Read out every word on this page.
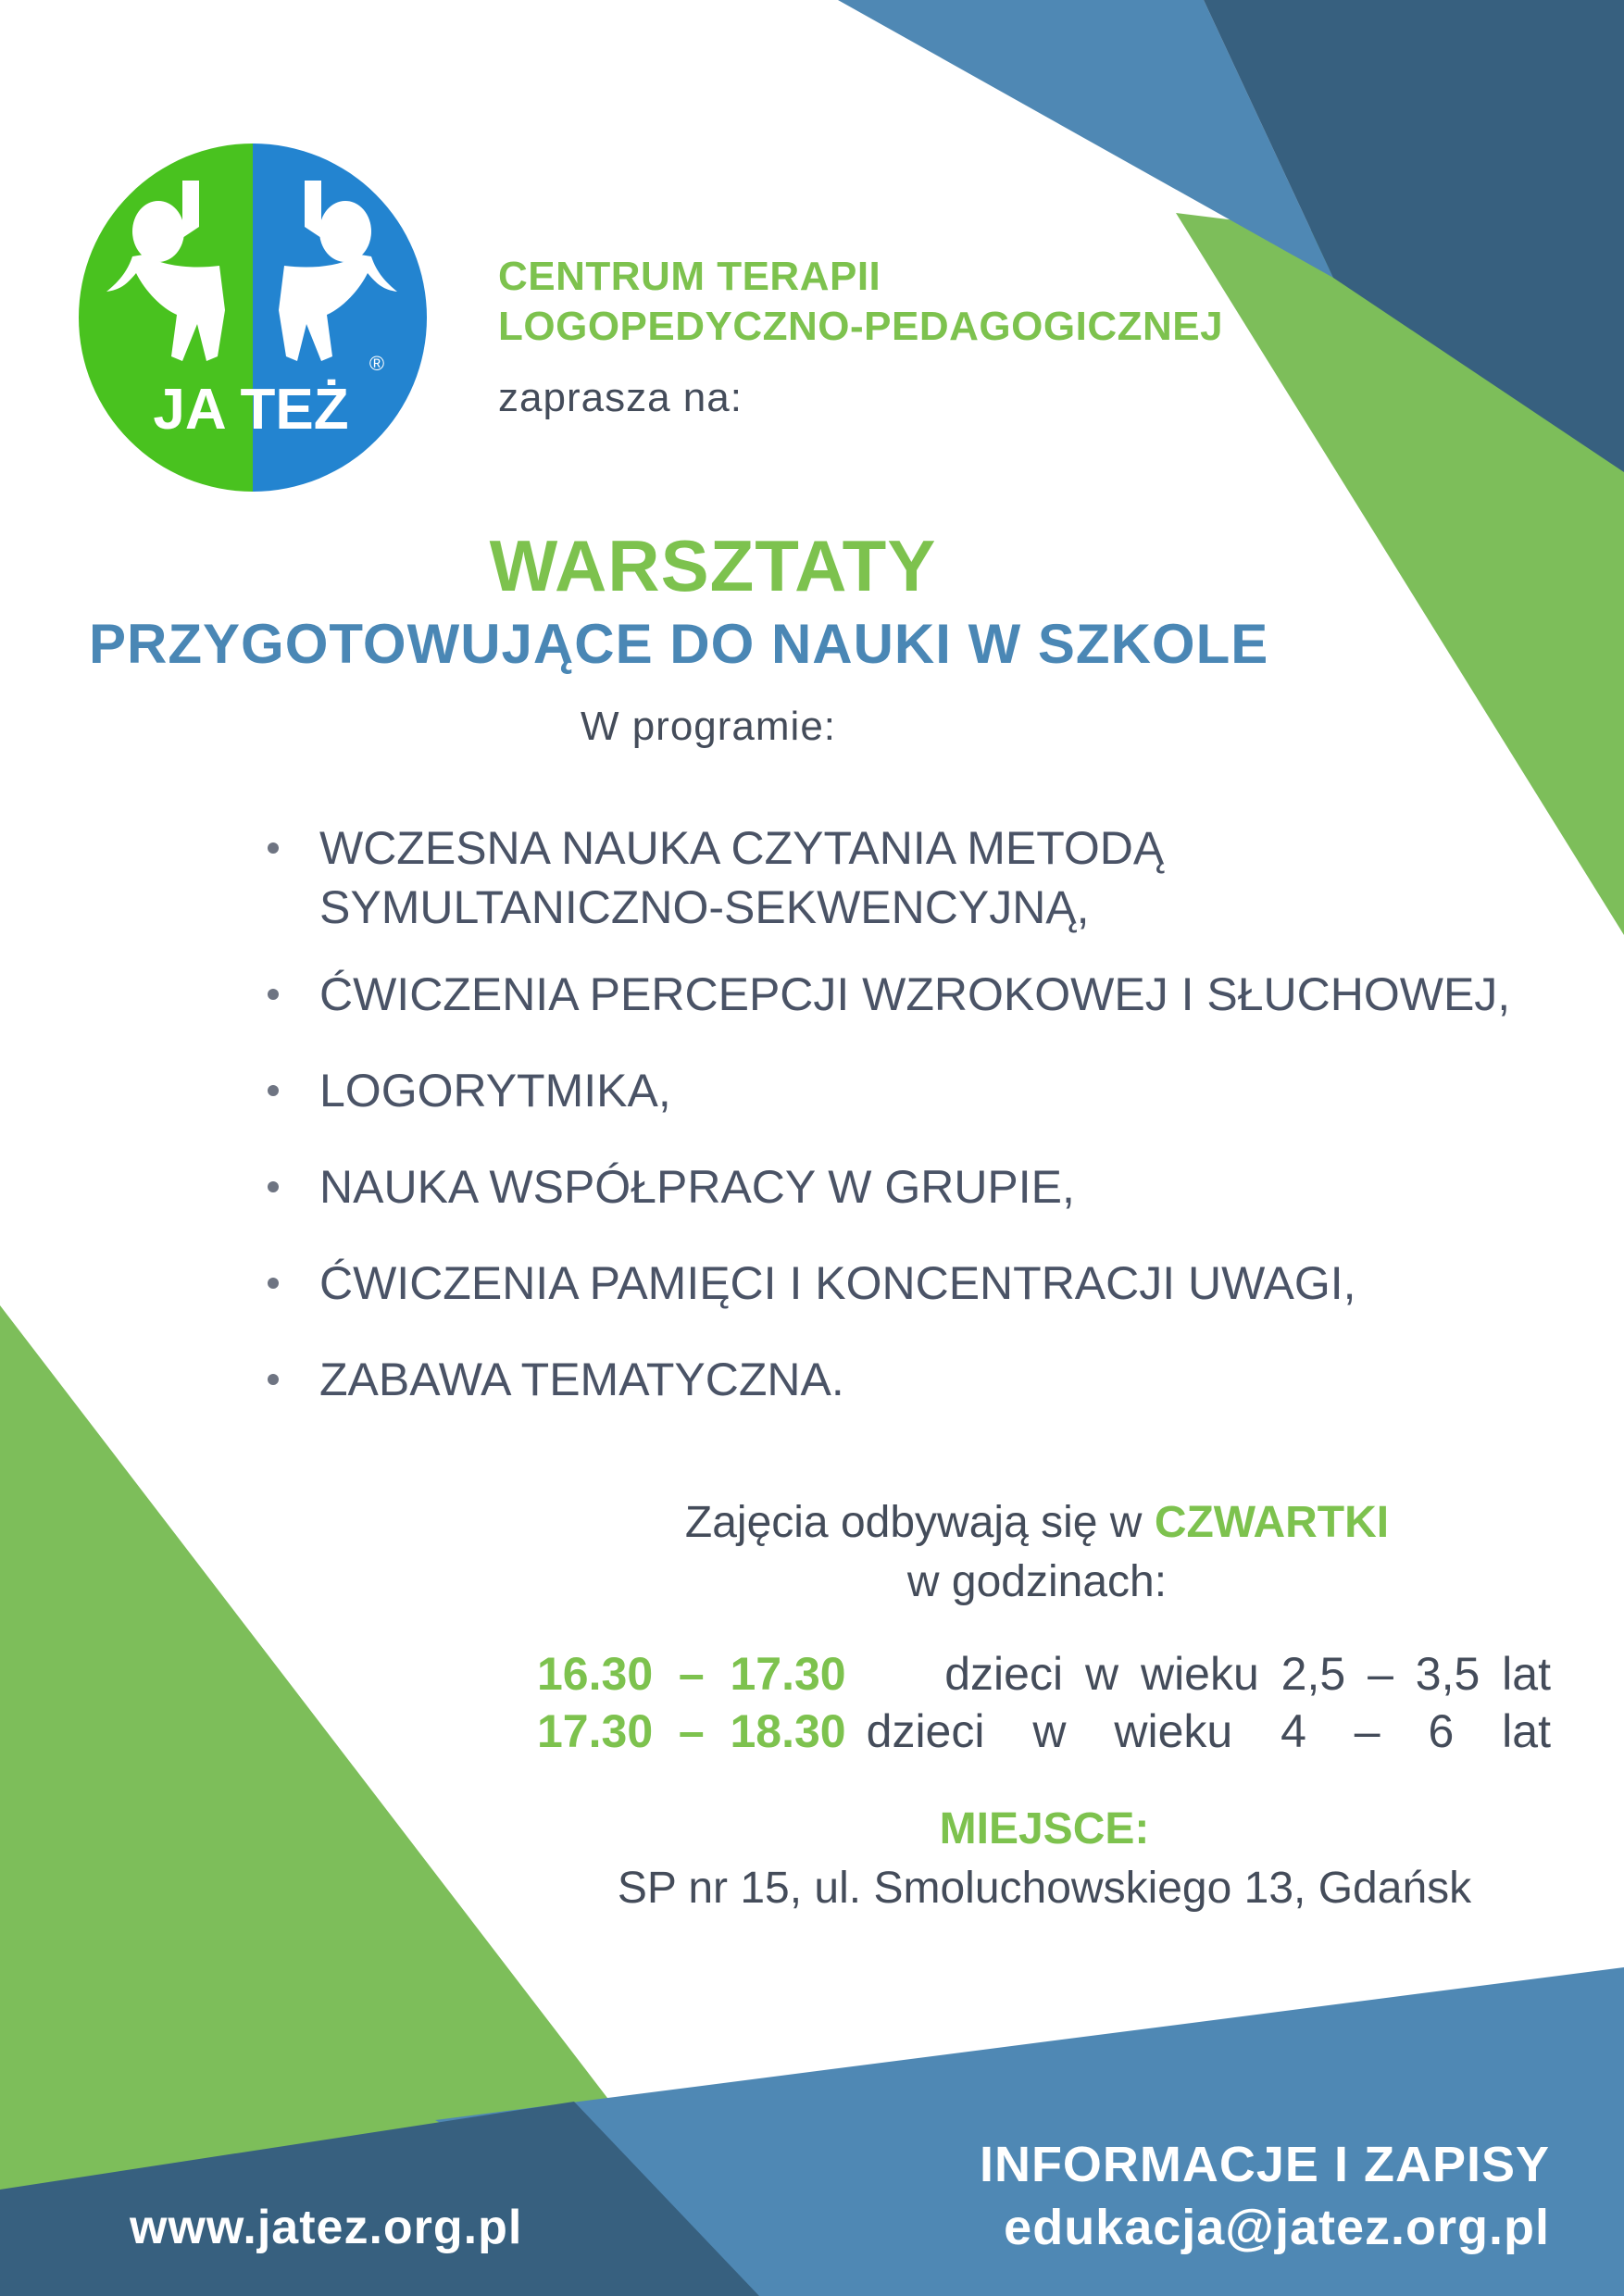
JA TEŻ
®
CENTRUM TERAPII
LOGOPEDYCZNO-PEDAGOGICZNEJ
zaprasza na:
WARSZTATY
PRZYGOTOWUJĄCE DO NAUKI W SZKOLE
W programie:
WCZESNA NAUKA CZYTANIA METODĄ
SYMULTANICZNO-SEKWENCYJNĄ,
ĆWICZENIA PERCEPCJI WZROKOWEJ I SŁUCHOWEJ,
LOGORYTMIKA,
NAUKA WSPÓŁPRACY W GRUPIE,
ĆWICZENIA PAMIĘCI I KONCENTRACJI UWAGI,
ZABAWA TEMATYCZNA.
Zajęcia odbywają się w CZWARTKI
w godzinach:
16.30  –  17.30 dzieci w wieku 2,5 – 3,5 lat
17.30  –  18.30 dzieci w wieku 4 – 6 lat
MIEJSCE:
SP nr 15, ul. Smoluchowskiego 13, Gdańsk
www.jatez.org.pl
INFORMACJE I ZAPISY
edukacja@jatez.org.pl
